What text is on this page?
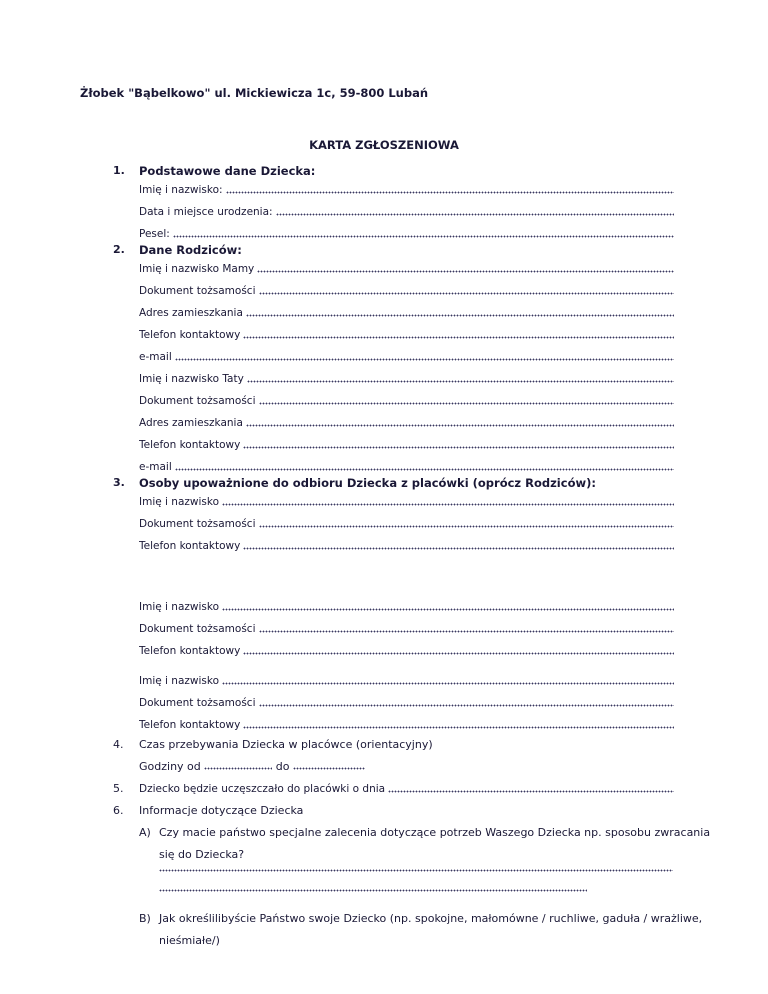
Żłobek "Bąbelkowo" ul. Mickiewicza 1c, 59-800 Lubań
KARTA ZGŁOSZENIOWA
1. Podstawowe dane Dziecka:
Imię i nazwisko:
Data i miejsce urodzenia:
Pesel:
2. Dane Rodziców:
Imię i nazwisko Mamy
Dokument tożsamości
Adres zamieszkania
Telefon kontaktowy
e-mail
Imię i nazwisko Taty
Dokument tożsamości
Adres zamieszkania
Telefon kontaktowy
e-mail
3. Osoby upoważnione do odbioru Dziecka z placówki (oprócz Rodziców):
Imię i nazwisko
Dokument tożsamości
Telefon kontaktowy
Imię i nazwisko
Dokument tożsamości
Telefon kontaktowy
Imię i nazwisko
Dokument tożsamości
Telefon kontaktowy
4. Czas przebywania Dziecka w placówce (orientacyjny)
Godziny od	do
5. Dziecko będzie uczęszczało do placówki o dnia
6. Informacje dotyczące Dziecka
A) Czy macie państwo specjalne zalecenia dotyczące potrzeb Waszego Dziecka np. sposobu zwracania
się do Dziecka?
B) Jak określilibyście Państwo swoje Dziecko (np. spokojne, małomówne / ruchliwe, gaduła / wrażliwe,
nieśmiałe/)
